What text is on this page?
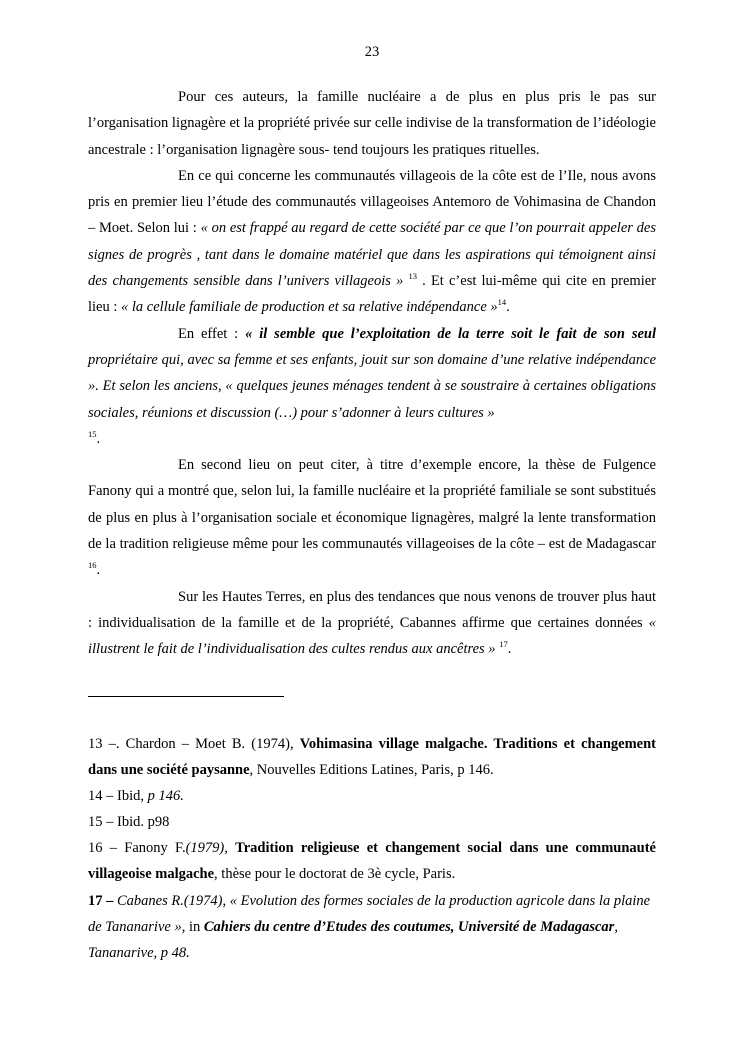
23

Pour ces auteurs, la famille nucléaire a de plus en plus pris le pas sur l’organisation lignagère et la propriété privée sur celle indivise de la transformation de l’idéologie ancestrale : l’organisation lignagère sous- tend toujours les pratiques rituelles.

En ce qui concerne les communautés villageois de la côte est de l’Ile, nous avons pris en premier lieu l’étude des communautés villageoises Antemoro de Vohimasina de Chandon – Moet. Selon lui : « on est frappé au regard de cette société par ce que l’on pourrait appeler des signes de progrès , tant dans le domaine matériel que dans les aspirations qui témoignent ainsi des changements sensible dans l’univers villageois » $^{13}$ . Et c’est lui-même qui cite en premier lieu : « la cellule familiale de production et sa relative indépendance »$^{14}$.

En effet : « il semble que l’exploitation de la terre soit le fait de son seul propriétaire qui, avec sa femme et ses enfants, jouit sur son domaine d’une relative indépendance ». Et selon les anciens, « quelques jeunes ménages tendent à se soustraire à certaines obligations sociales, réunions et discussion (…) pour s’adonner à leurs cultures »
$^{15}$.

En second lieu on peut citer, à titre d’exemple encore, la thèse de Fulgence Fanony qui a montré que, selon lui, la famille nucléaire et la propriété familiale se sont substitués de plus en plus à l’organisation sociale et économique lignagères, malgré la lente transformation de la tradition religieuse même pour les communautés villageoises de la côte – est de Madagascar $^{16}$.

Sur les Hautes Terres, en plus des tendances que nous venons de trouver plus haut : individualisation de la famille et de la propriété, Cabannes affirme que certaines données « illustrent le fait de l’individualisation des cultes rendus aux ancêtres » $^{17}$.

13 –. Chardon – Moet B. (1974), Vohimasina village malgache. Traditions et changement dans une société paysanne, Nouvelles Editions Latines, Paris, p 146.

14 – Ibid, p 146.

15 – Ibid. p98

16 – Fanony F.(1979), Tradition religieuse et changement social dans une communauté villageoise malgache, thèse pour le doctorat de 3è cycle, Paris.

17 – Cabanes R.(1974), « Evolution des formes sociales de la production agricole dans la plaine de Tananarive », in Cahiers du centre d’Etudes des coutumes, Université de Madagascar, Tananarive, p 48.
